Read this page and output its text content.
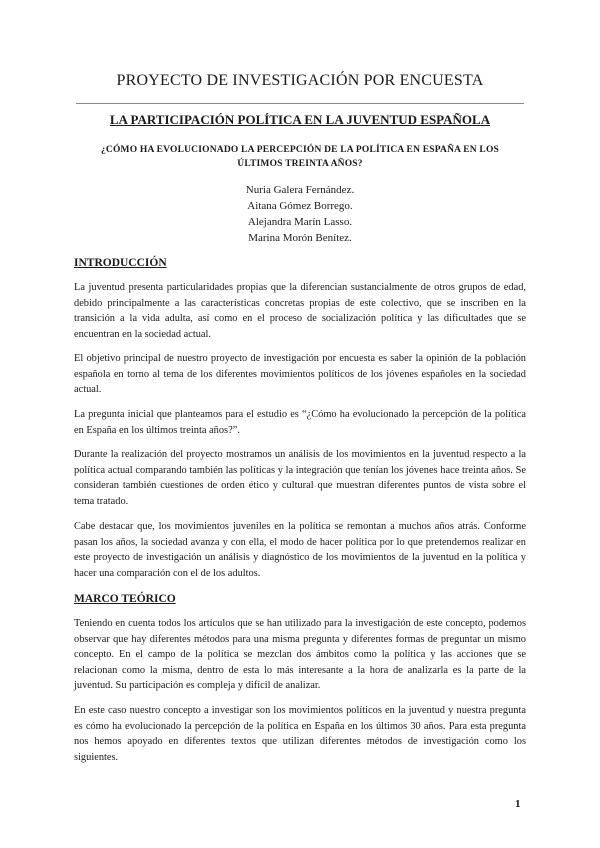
PROYECTO DE INVESTIGACIÓN POR ENCUESTA
LA PARTICIPACIÓN POLÍTICA EN LA JUVENTUD ESPAÑOLA
¿CÓMO HA EVOLUCIONADO LA PERCEPCIÓN DE LA POLÍTICA EN ESPAÑA EN LOS ÚLTIMOS TREINTA AÑOS?
Nuria Galera Fernández.
Aitana Gómez Borrego.
Alejandra Marín Lasso.
Marina Morón Benítez.
INTRODUCCIÓN

La juventud presenta particularidades propias que la diferencian sustancialmente de otros grupos de edad, debido principalmente a las características concretas propias de este colectivo, que se inscriben en la transición a la vida adulta, así como en el proceso de socialización política y las dificultades que se encuentran en la sociedad actual.

El objetivo principal de nuestro proyecto de investigación por encuesta es saber la opinión de la población española en torno al tema de los diferentes movimientos políticos de los jóvenes españoles en la sociedad actual.

La pregunta inicial que planteamos para el estudio es “¿Cómo ha evolucionado la percepción de la política en España en los últimos treinta años?”.

Durante la realización del proyecto mostramos un análisis de los movimientos en la juventud respecto a la política actual comparando también las políticas y la integración que tenían los jóvenes hace treinta años. Se consideran también cuestiones de orden ético y cultural que muestran diferentes puntos de vista sobre el tema tratado.

Cabe destacar que, los movimientos juveniles en la política se remontan a muchos años atrás. Conforme pasan los años, la sociedad avanza y con ella, el modo de hacer política por lo que pretendemos realizar en este proyecto de investigación un análisis y diagnóstico de los movimientos de la juventud en la política y hacer una comparación con el de los adultos.

MARCO TEÓRICO

Teniendo en cuenta todos los artículos que se han utilizado para la investigación de este concepto, podemos observar que hay diferentes métodos para una misma pregunta y diferentes formas de preguntar un mismo concepto. En el campo de la política se mezclan dos ámbitos como la política y las acciones que se relacionan como la misma, dentro de esta lo más interesante a la hora de analizarla es la parte de la juventud. Su participación es compleja y difícil de analizar.

En este caso nuestro concepto a investigar son los movimientos políticos en la juventud y nuestra pregunta es cómo ha evolucionado la percepción de la política en España en los últimos 30 años. Para esta pregunta nos hemos apoyado en diferentes textos que utilizan diferentes métodos de investigación como los siguientes.

1
